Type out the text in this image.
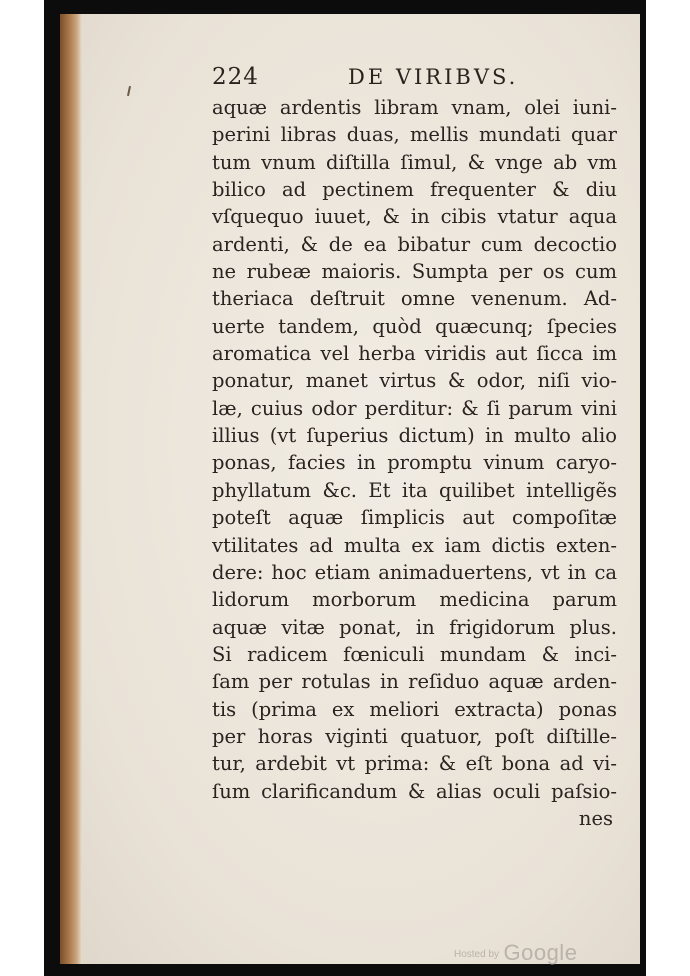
224	DE VIRIBVS.
aquæ ardentis libram vnam, olei iuni-
perini libras duas, mellis mundati quar
tum vnum diſtilla ſimul, & vnge ab vm
bilico ad pectinem frequenter & diu
vſquequo iuuet, & in cibis vtatur aqua
ardenti, & de ea bibatur cum decoctio
ne rubeæ maioris. Sumpta per os cum
theriaca deſtruit omne venenum. Ad-
uerte tandem, quòd quæcunq; ſpecies
aromatica vel herba viridis aut ſicca im
ponatur, manet virtus & odor, niſi vio-
læ, cuius odor perditur: & ſi parum vini
illius (vt ſuperius dictum) in multo alio
ponas, facies in promptu vinum caryo-
phyllatum &c. Et ita quilibet intelligẽs
poteſt aquæ ſimplicis aut compoſitæ
vtilitates ad multa ex iam dictis exten-
dere: hoc etiam animaduertens, vt in ca
lidorum morborum medicina parum
aquæ vitæ ponat, in frigidorum plus.
Si radicem fœniculi mundam & inci-
ſam per rotulas in reſiduo aquæ arden-
tis (prima ex meliori extracta) ponas
per horas viginti quatuor, poſt diſtille-
tur, ardebit vt prima: & eſt bona ad vi-
ſum clarificandum & alias oculi paſsio-
nes
Hosted by Google
